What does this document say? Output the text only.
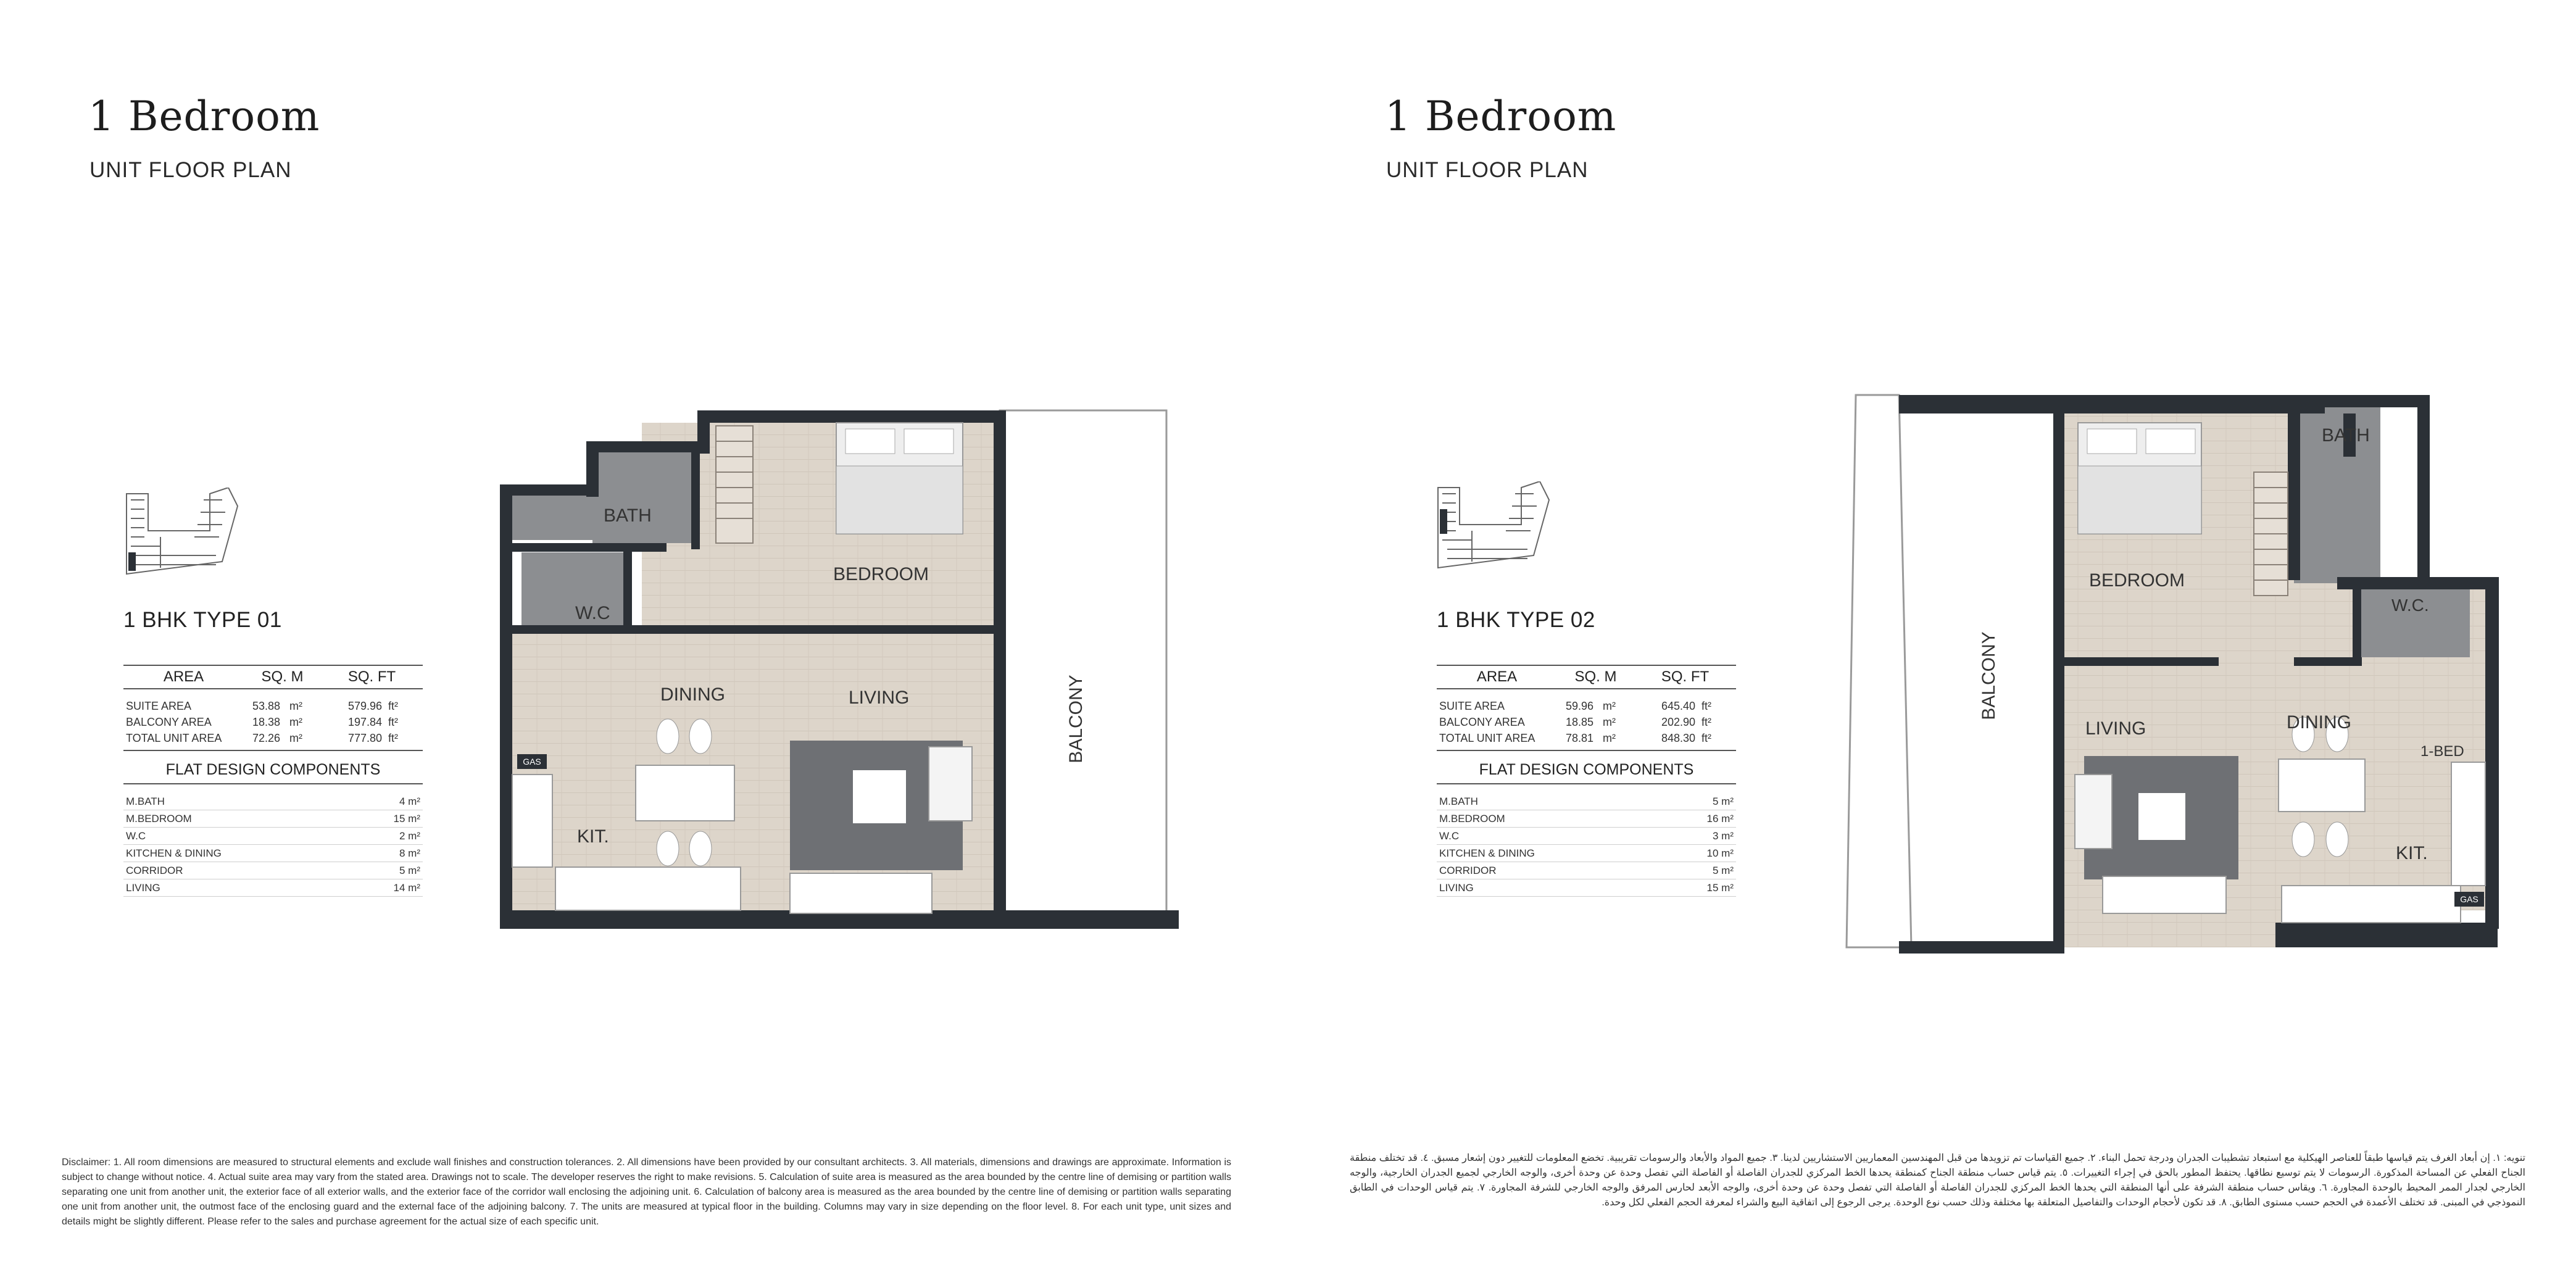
1 Bedroom
UNIT FLOOR PLAN
1 BHK TYPE 01
AREA	SQ. M	SQ. FT
SUITE AREA	53.88 m²	579.96 ft²
BALCONY AREA	18.38 m²	197.84 ft²
TOTAL UNIT AREA	72.26 m²	777.80 ft²
FLAT DESIGN COMPONENTS
M.BATH	4 m²
M.BEDROOM	15 m²
W.C	2 m²
KITCHEN & DINING	8 m²
CORRIDOR	5 m²
LIVING	14 m²
GAS
BATH
BEDROOM
W.C
DINING	LIVING
KIT.
BALCONY
Disclaimer: 1. All room dimensions are measured to structural elements and exclude wall finishes and construction tolerances. 2. All dimensions have been provided by our consultant architects. 3. All materials, dimensions and drawings are approximate. Information is subject to change without notice. 4. Actual suite area may vary from the stated area. Drawings not to scale. The developer reserves the right to make revisions. 5. Calculation of suite area is measured as the area bounded by the centre line of demising or partition walls separating one unit from another unit, the exterior face of all exterior walls, and the exterior face of the corridor wall enclosing the adjoining unit. 6. Calculation of balcony area is measured as the area bounded by the centre line of demising or partition walls separating one unit from another unit, the outmost face of the enclosing guard and the external face of the adjoining balcony. 7. The units are measured at typical floor in the building. Columns may vary in size depending on the floor level. 8. For each unit type, unit sizes and details might be slightly different. Please refer to the sales and purchase agreement for the actual size of each specific unit.
1 Bedroom
UNIT FLOOR PLAN
1 BHK TYPE 02
AREA	SQ. M	SQ. FT
SUITE AREA	59.96 m²	645.40 ft²
BALCONY AREA	18.85 m²	202.90 ft²
TOTAL UNIT AREA	78.81 m²	848.30 ft²
FLAT DESIGN COMPONENTS
M.BATH	5 m²
M.BEDROOM	16 m²
W.C	3 m²
KITCHEN & DINING	10 m²
CORRIDOR	5 m²
LIVING	15 m²
GAS
BATH
BEDROOM
W.C.
LIVING	DINING
1-BED
KIT.
BALCONY
تنويه: ١. إن أبعاد الغرف يتم قياسها طبقاً للعناصر الهيكلية مع استبعاد تشطيبات الجدران ودرجة تحمل البناء. ٢. جميع القياسات تم تزويدها من قبل المهندسين المعماريين الاستشاريين لدينا. ٣. جميع المواد والأبعاد والرسومات تقريبية. تخضع المعلومات للتغيير دون إشعار مسبق. ٤. قد تختلف منطقة الجناح الفعلي عن المساحة المذكورة. الرسومات لا يتم توسيع نطاقها. يحتفظ المطور بالحق في إجراء التغييرات. ٥. يتم قياس حساب منطقة الجناح كمنطقة يحدها الخط المركزي للجدران الفاصلة أو الفاصلة التي تفصل وحدة عن وحدة أخرى، والوجه الخارجي لجميع الجدران الخارجية، والوجه الخارجي لجدار الممر المحيط بالوحدة المجاورة. ٦. ويقاس حساب منطقة الشرفة على أنها المنطقة التي يحدها الخط المركزي للجدران الفاصلة أو الفاصلة التي تفصل وحدة عن وحدة أخرى، والوجه الأبعد لحارس المرفق والوجه الخارجي للشرفة المجاورة. ٧. يتم قياس الوحدات في الطابق النموذجي في المبنى. قد تختلف الأعمدة في الحجم حسب مستوى الطابق. ٨. قد تكون لأحجام الوحدات والتفاصيل المتعلقة بها مختلفة وذلك حسب نوع الوحدة. يرجى الرجوع إلى اتفاقية البيع والشراء لمعرفة الحجم الفعلي لكل وحدة.
